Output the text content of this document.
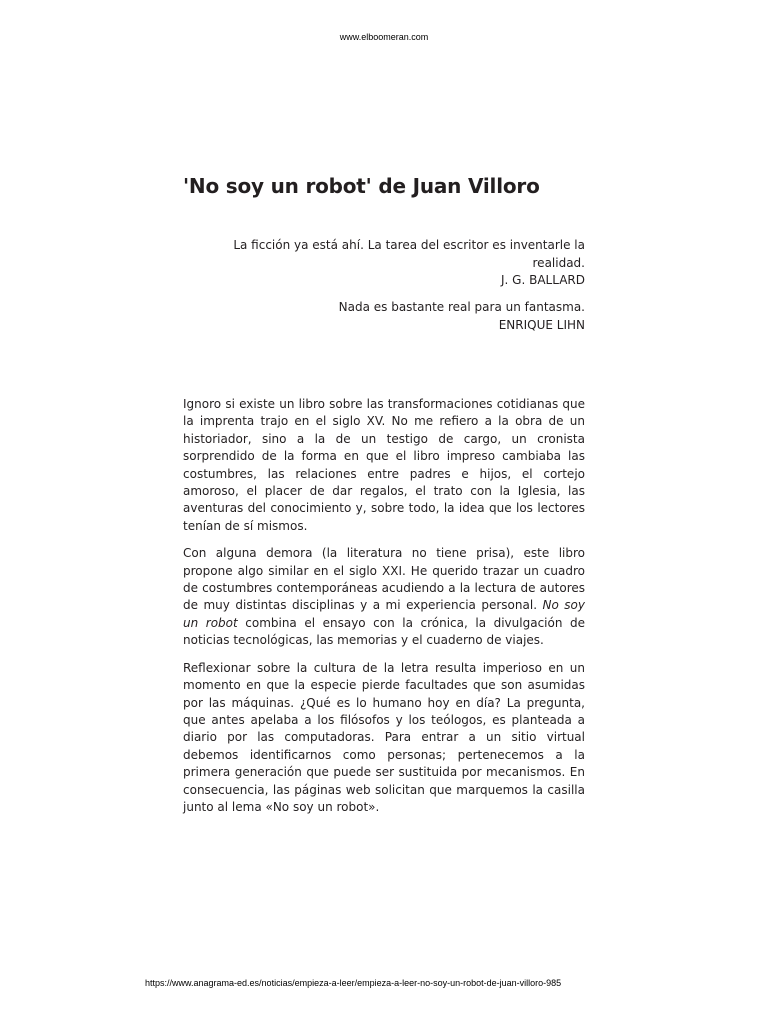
www.elboomeran.com
'No soy un robot' de Juan Villoro

La ficción ya está ahí. La tarea del escritor es inventarle la realidad.

J. G. BALLARD

Nada es bastante real para un fantasma.

ENRIQUE LIHN

Ignoro si existe un libro sobre las transformaciones cotidianas que la imprenta trajo en el siglo XV. No me refiero a la obra de un historiador, sino a la de un testigo de cargo, un cronista sorprendido de la forma en que el libro impreso cambiaba las costumbres, las relaciones entre padres e hijos, el cortejo amoroso, el placer de dar regalos, el trato con la Iglesia, las aventuras del conocimiento y, sobre todo, la idea que los lectores tenían de sí mismos.

Con alguna demora (la literatura no tiene prisa), este libro propone algo similar en el siglo XXI. He querido trazar un cuadro de costumbres contemporáneas acudiendo a la lectura de autores de muy distintas disciplinas y a mi experiencia personal. No soy un robot combina el ensayo con la crónica, la divulgación de noticias tecnológicas, las memorias y el cuaderno de viajes.

Reflexionar sobre la cultura de la letra resulta imperioso en un momento en que la especie pierde facultades que son asumidas por las máquinas. ¿Qué es lo humano hoy en día? La pregunta, que antes apelaba a los filósofos y los teólogos, es planteada a diario por las computadoras. Para entrar a un sitio virtual debemos identificarnos como personas; pertenecemos a la primera generación que puede ser sustituida por mecanismos. En consecuencia, las páginas web solicitan que marquemos la casilla junto al lema «No soy un robot».

https://www.anagrama-ed.es/noticias/empieza-a-leer/empieza-a-leer-no-soy-un-robot-de-juan-villoro-985
